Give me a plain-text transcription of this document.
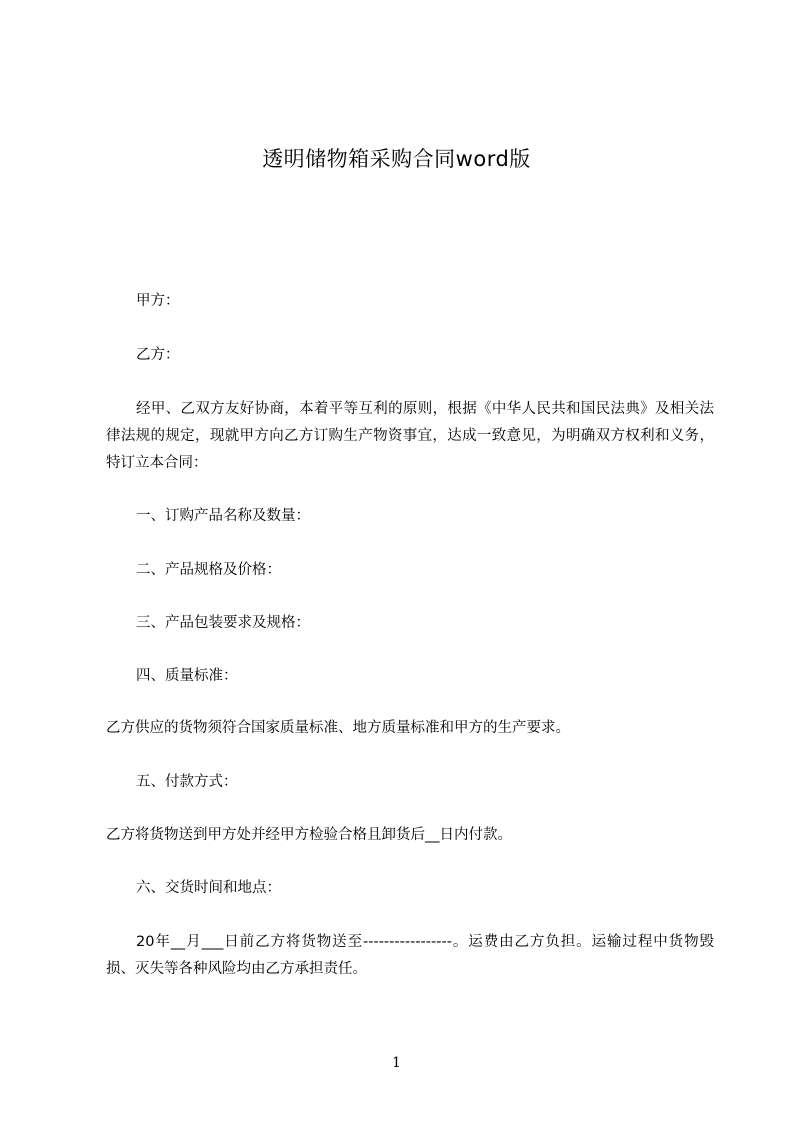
透明储物箱采购合同word版
甲方：
乙方：
经甲、乙双方友好协商，本着平等互利的原则，根据《中华人民共和国民法典》及相关法律法规的规定，现就甲方向乙方订购生产物资事宜，达成一致意见，为明确双方权利和义务，特订立本合同：
一、订购产品名称及数量：
二、产品规格及价格：
三、产品包装要求及规格：
四、质量标准：
乙方供应的货物须符合国家质量标准、地方质量标准和甲方的生产要求。
五、付款方式：
乙方将货物送到甲方处并经甲方检验合格且卸货后__日内付款。
六、交货时间和地点：
20年__月___日前乙方将货物送至-----------------。运费由乙方负担。运输过程中货物毁损、灭失等各种风险均由乙方承担责任。
1
